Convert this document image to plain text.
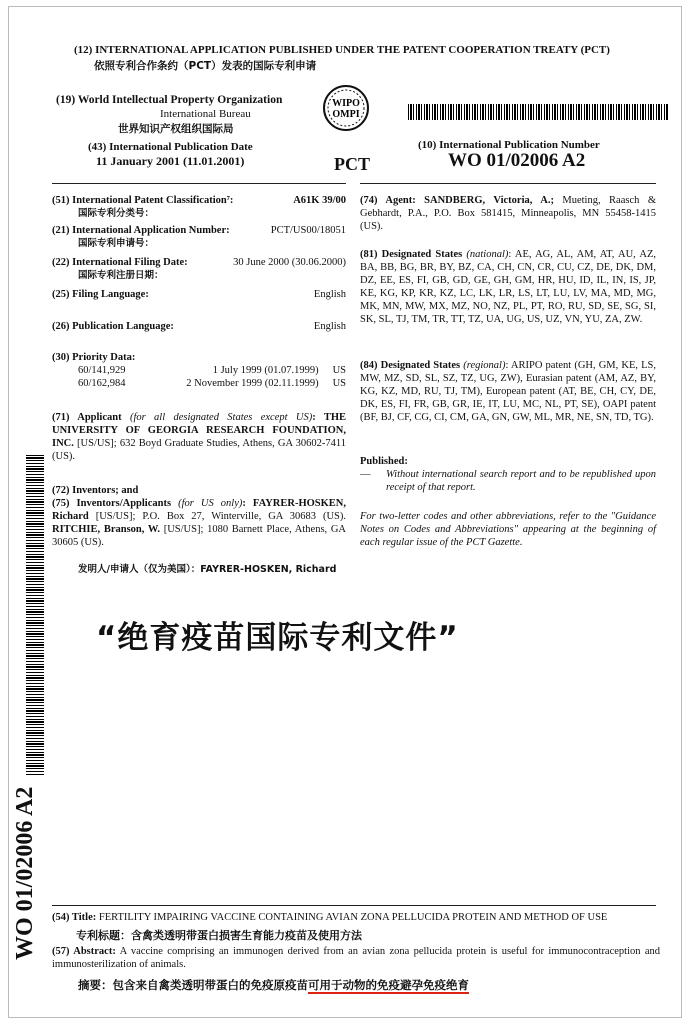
(12) INTERNATIONAL APPLICATION PUBLISHED UNDER THE PATENT COOPERATION TREATY (PCT)
依照专利合作条约（PCT）发表的国际专利申请
(19) World Intellectual Property Organization
International Bureau
世界知识产权组织国际局
WIPO
OMPI
(43) International Publication Date
11 January 2001 (11.01.2001)	PCT
(10) International Publication Number
WO 01/02006 A2
(51) International Patent Classification⁷:	A61K 39/00
国际专利分类号：
(21) International Application Number:	PCT/US00/18051
国际专利申请号：
(22) International Filing Date:	30 June 2000 (30.06.2000)
国际专利注册日期：
(25) Filing Language:	English
(26) Publication Language:	English
(30) Priority Data:
60/141,929	1 July 1999 (01.07.1999)	US
60/162,984	2 November 1999 (02.11.1999)	US
(71) Applicant (for all designated States except US): THE UNIVERSITY OF GEORGIA RESEARCH FOUNDATION, INC. [US/US]; 632 Boyd Graduate Studies, Athens, GA 30602-7411 (US).
(72) Inventors; and
(75) Inventors/Applicants (for US only): FAYRER-HOSKEN, Richard [US/US]; P.O. Box 27, Winterville, GA 30683 (US). RITCHIE, Branson, W. [US/US]; 1080 Barnett Place, Athens, GA 30605 (US).
发明人/申请人（仅为美国）：FAYRER-HOSKEN, Richard
(74) Agent: SANDBERG, Victoria, A.; Mueting, Raasch & Gebhardt, P.A., P.O. Box 581415, Minneapolis, MN 55458-1415 (US).
(81) Designated States (national): AE, AG, AL, AM, AT, AU, AZ, BA, BB, BG, BR, BY, BZ, CA, CH, CN, CR, CU, CZ, DE, DK, DM, DZ, EE, ES, FI, GB, GD, GE, GH, GM, HR, HU, ID, IL, IN, IS, JP, KE, KG, KP, KR, KZ, LC, LK, LR, LS, LT, LU, LV, MA, MD, MG, MK, MN, MW, MX, MZ, NO, NZ, PL, PT, RO, RU, SD, SE, SG, SI, SK, SL, TJ, TM, TR, TT, TZ, UA, UG, US, UZ, VN, YU, ZA, ZW.
(84) Designated States (regional): ARIPO patent (GH, GM, KE, LS, MW, MZ, SD, SL, SZ, TZ, UG, ZW), Eurasian patent (AM, AZ, BY, KG, KZ, MD, RU, TJ, TM), European patent (AT, BE, CH, CY, DE, DK, ES, FI, FR, GB, GR, IE, IT, LU, MC, NL, PT, SE), OAPI patent (BF, BJ, CF, CG, CI, CM, GA, GN, GW, ML, MR, NE, SN, TD, TG).
Published:
—	Without international search report and to be republished upon receipt of that report.
For two-letter codes and other abbreviations, refer to the "Guidance Notes on Codes and Abbreviations" appearing at the beginning of each regular issue of the PCT Gazette.
“绝育疫苗国际专利文件”
WO 01/02006 A2 (54) Title: FERTILITY IMPAIRING VACCINE CONTAINING AVIAN ZONA PELLUCIDA PROTEIN AND METHOD OF USE
专利标题：含禽类透明带蛋白损害生育能力疫苗及使用方法
(57) Abstract: A vaccine comprising an immunogen derived from an avian zona pellucida protein is useful for immunocontraception and immunosterilization of animals.
摘要：包含来自禽类透明带蛋白的免疫原疫苗可用于动物的免疫避孕免疫绝育
